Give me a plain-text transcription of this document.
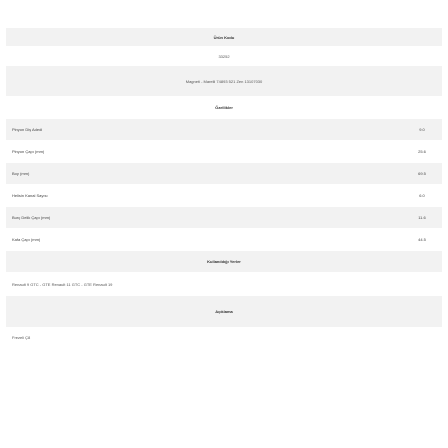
Ürün Kodu
33252
Magneti - Marelli 74893 521 Zen 13107030
Özellikler
Pinyon Diş Adedi	9.0
Pinyon Çapı (mm)	25.6
Boy (mm)	69.5
Helisin Kanal Sayısı	6.0
Burç Delik Çapı (mm)	11.6
Kafa Çapı (mm)	44.5
Kullanıldığı Yerler
Renault 9 GTC - GTE Renault 11 GTC - GTE Renault 19
Açıklama
Frezeli Ç8
